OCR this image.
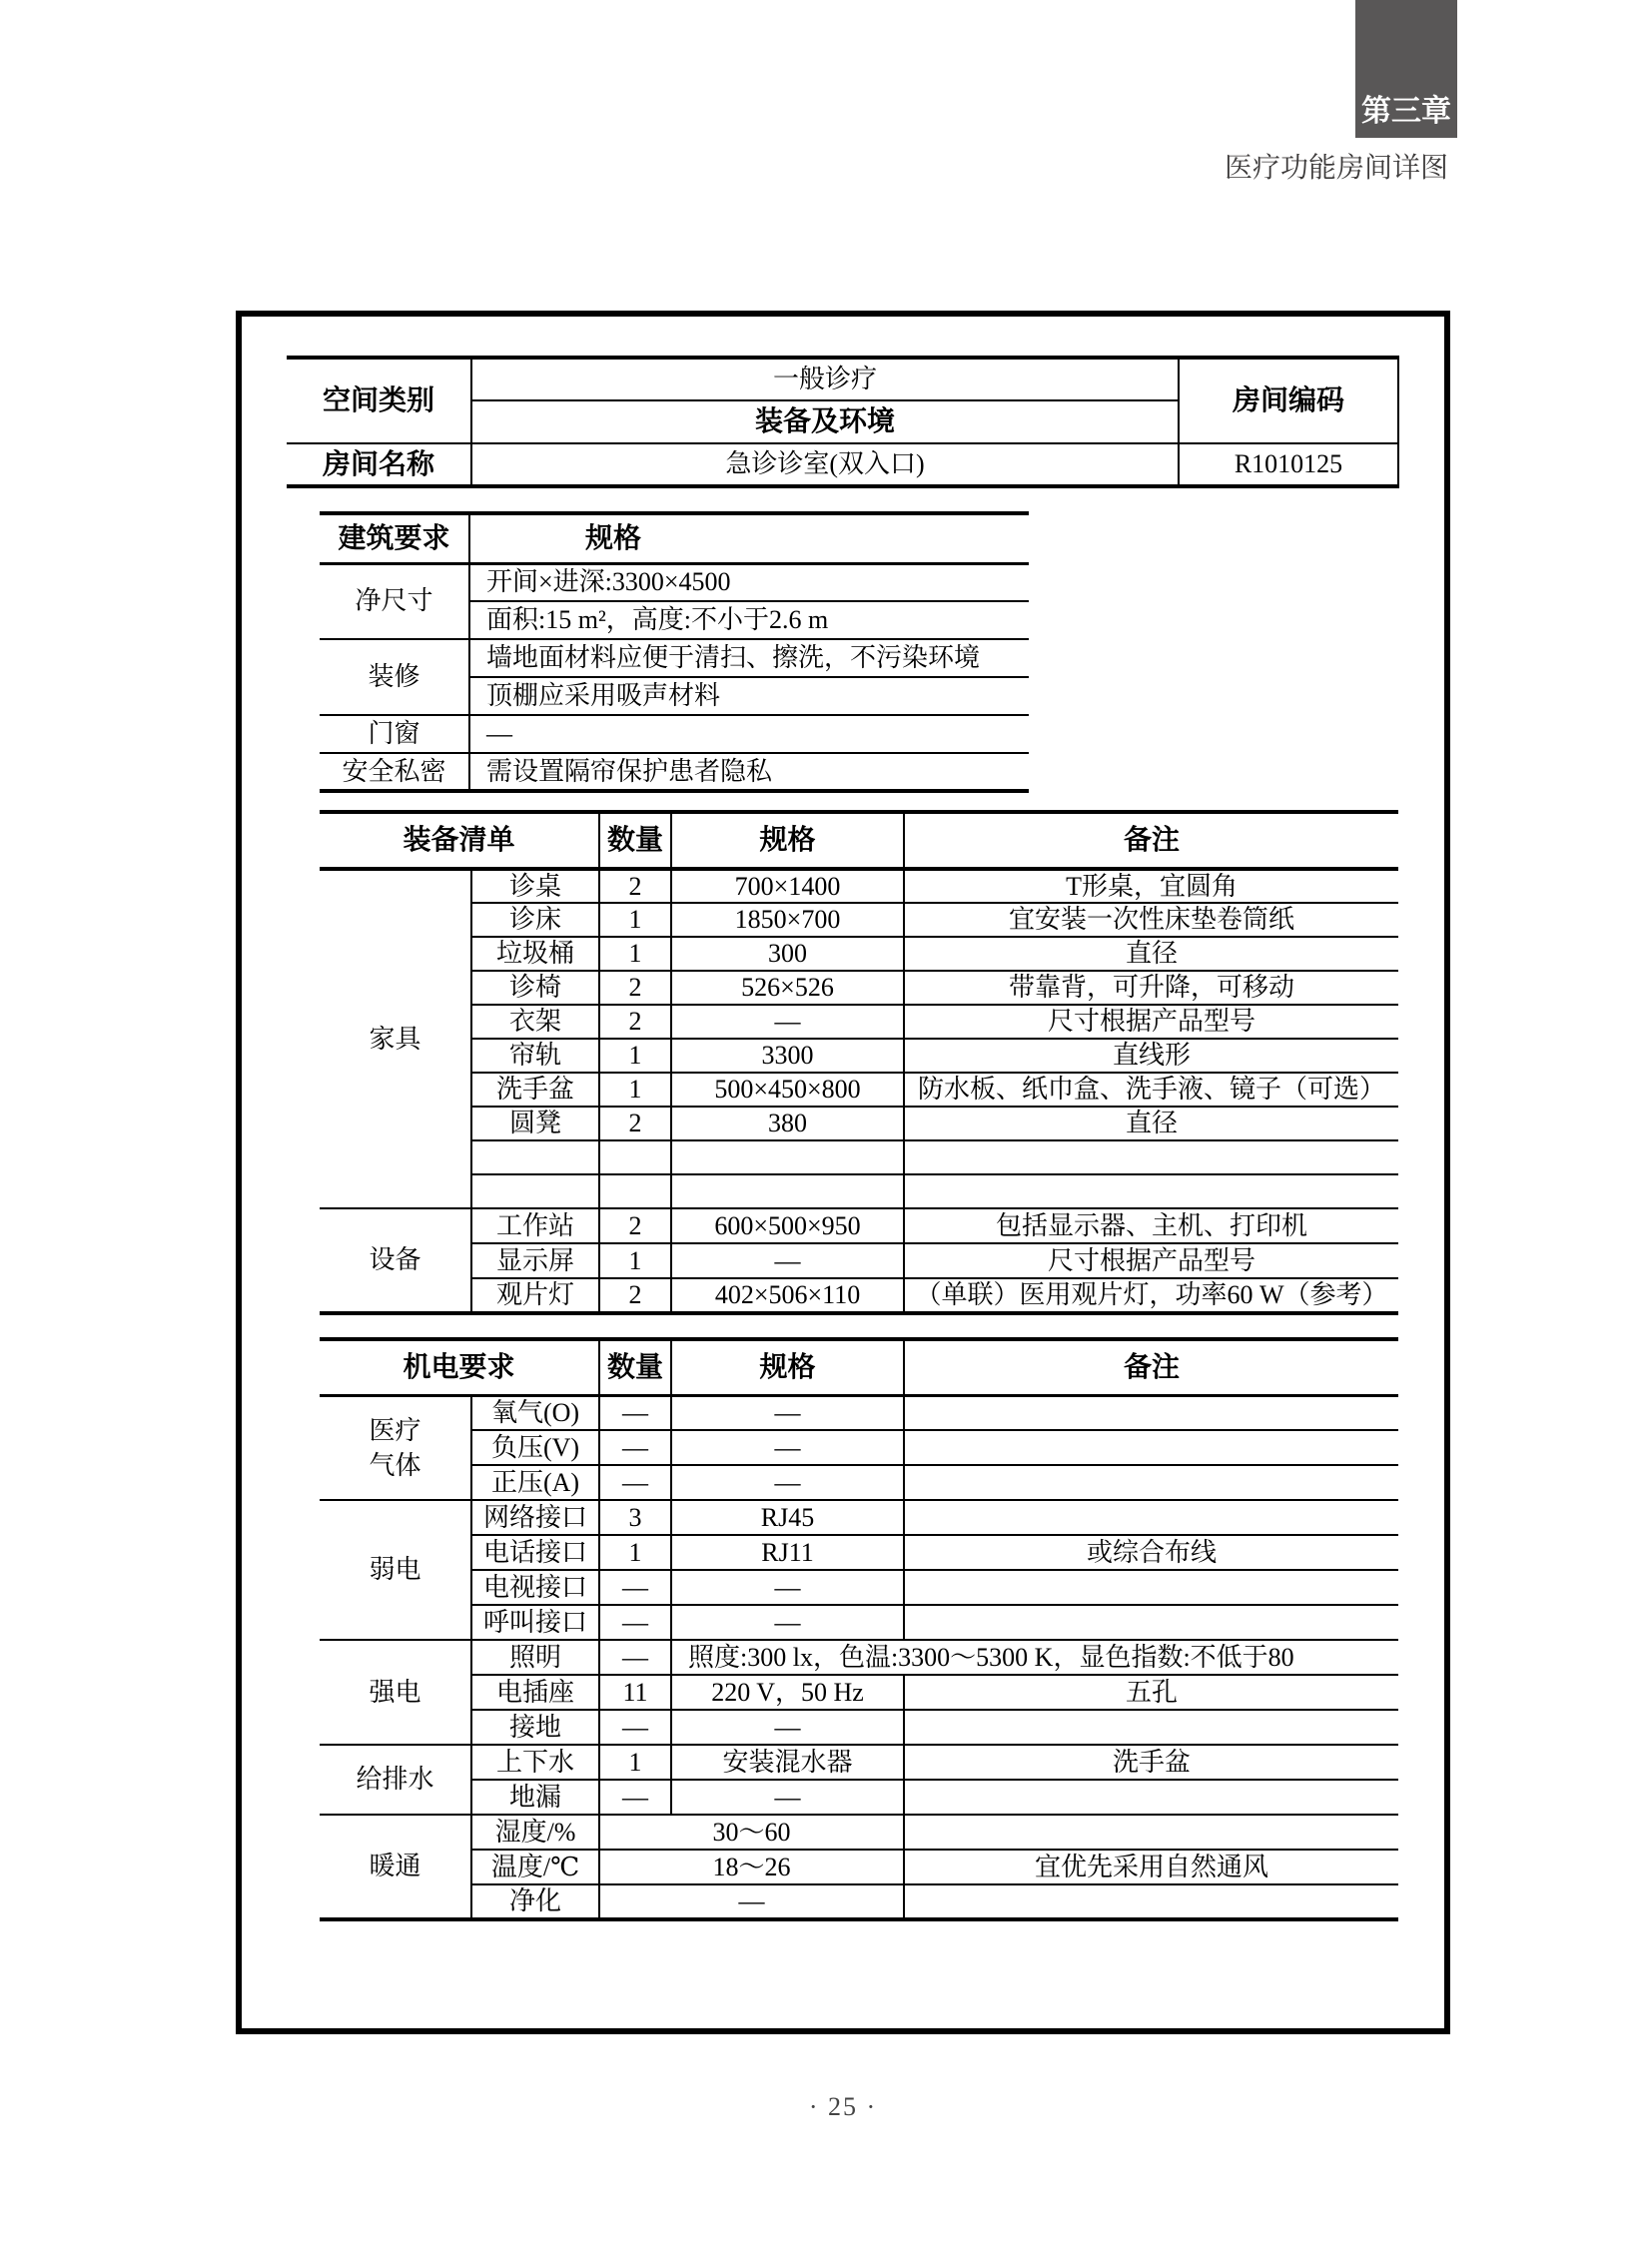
第三章
医疗功能房间详图
空间类别	一般诊疗	房间编码
	装备及环境	
房间名称	急诊诊室(双入口)	R1010125
建筑要求	规格
净尺寸	开间×进深:3300×4500
	面积:15 m²，高度:不小于2.6 m
装修	墙地面材料应便于清扫、擦洗，不污染环境
	顶棚应采用吸声材料
门窗	—
安全私密	需设置隔帘保护患者隐私
装备清单		数量	规格	备注
家具	诊桌	2	700×1400	T形桌，宜圆角
	诊床	1	1850×700	宜安装一次性床垫卷筒纸
	垃圾桶	1	300	直径
	诊椅	2	526×526	带靠背，可升降，可移动
	衣架	2	—	尺寸根据产品型号
	帘轨	1	3300	直线形
	洗手盆	1	500×450×800	防水板、纸巾盒、洗手液、镜子（可选）
	圆凳	2	380	直径

设备	工作站	2	600×500×950	包括显示器、主机、打印机
	显示屏	1	—	尺寸根据产品型号
	观片灯	2	402×506×110	（单联）医用观片灯，功率60 W（参考）
机电要求		数量	规格	备注

医疗气体	氧气(O)	—	—	
	负压(V)	—	—	
	正压(A)	—	—	
弱电	网络接口	3	RJ45	
	电话接口	1	RJ11	或综合布线
	电视接口	—	—	
	呼叫接口	—	—	
强电	照明	—	照度:300 lx，色温:3300～5300 K，显色指数:不低于80	
	电插座	11	220 V，50 Hz	五孔
	接地	—	—	
给排水	上下水	1	安装混水器	洗手盆
	地漏	—	—	
暖通	湿度/%	30～60		
	温度/℃	18～26		宜优先采用自然通风
	净化	—		
· 25 ·
